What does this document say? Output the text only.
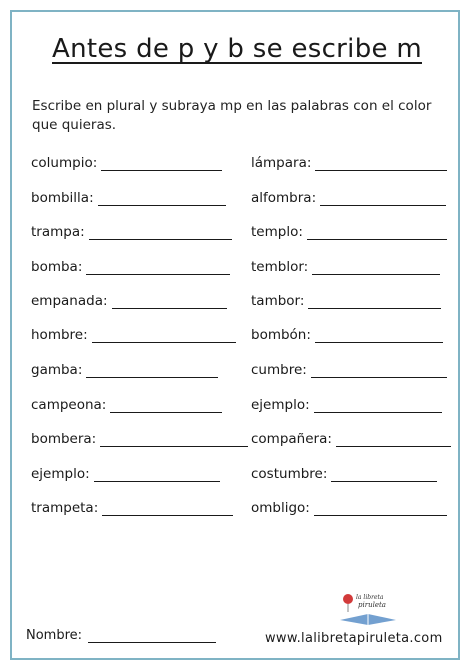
Antes de p y b se escribe m
Escribe en plural y subraya mp en las palabras con el color que quieras.
columpio:
bombilla:
trampa:
bomba:
empanada:
hombre:
gamba:
campeona:
bombera:
ejemplo:
trampeta:
lámpara:
alfombra:
templo:
temblor:
tambor:
bombón:
cumbre:
ejemplo:
compañera:
costumbre:
ombligo:
Nombre:
la libreta
piruleta
www.lalibretapiruleta.com
